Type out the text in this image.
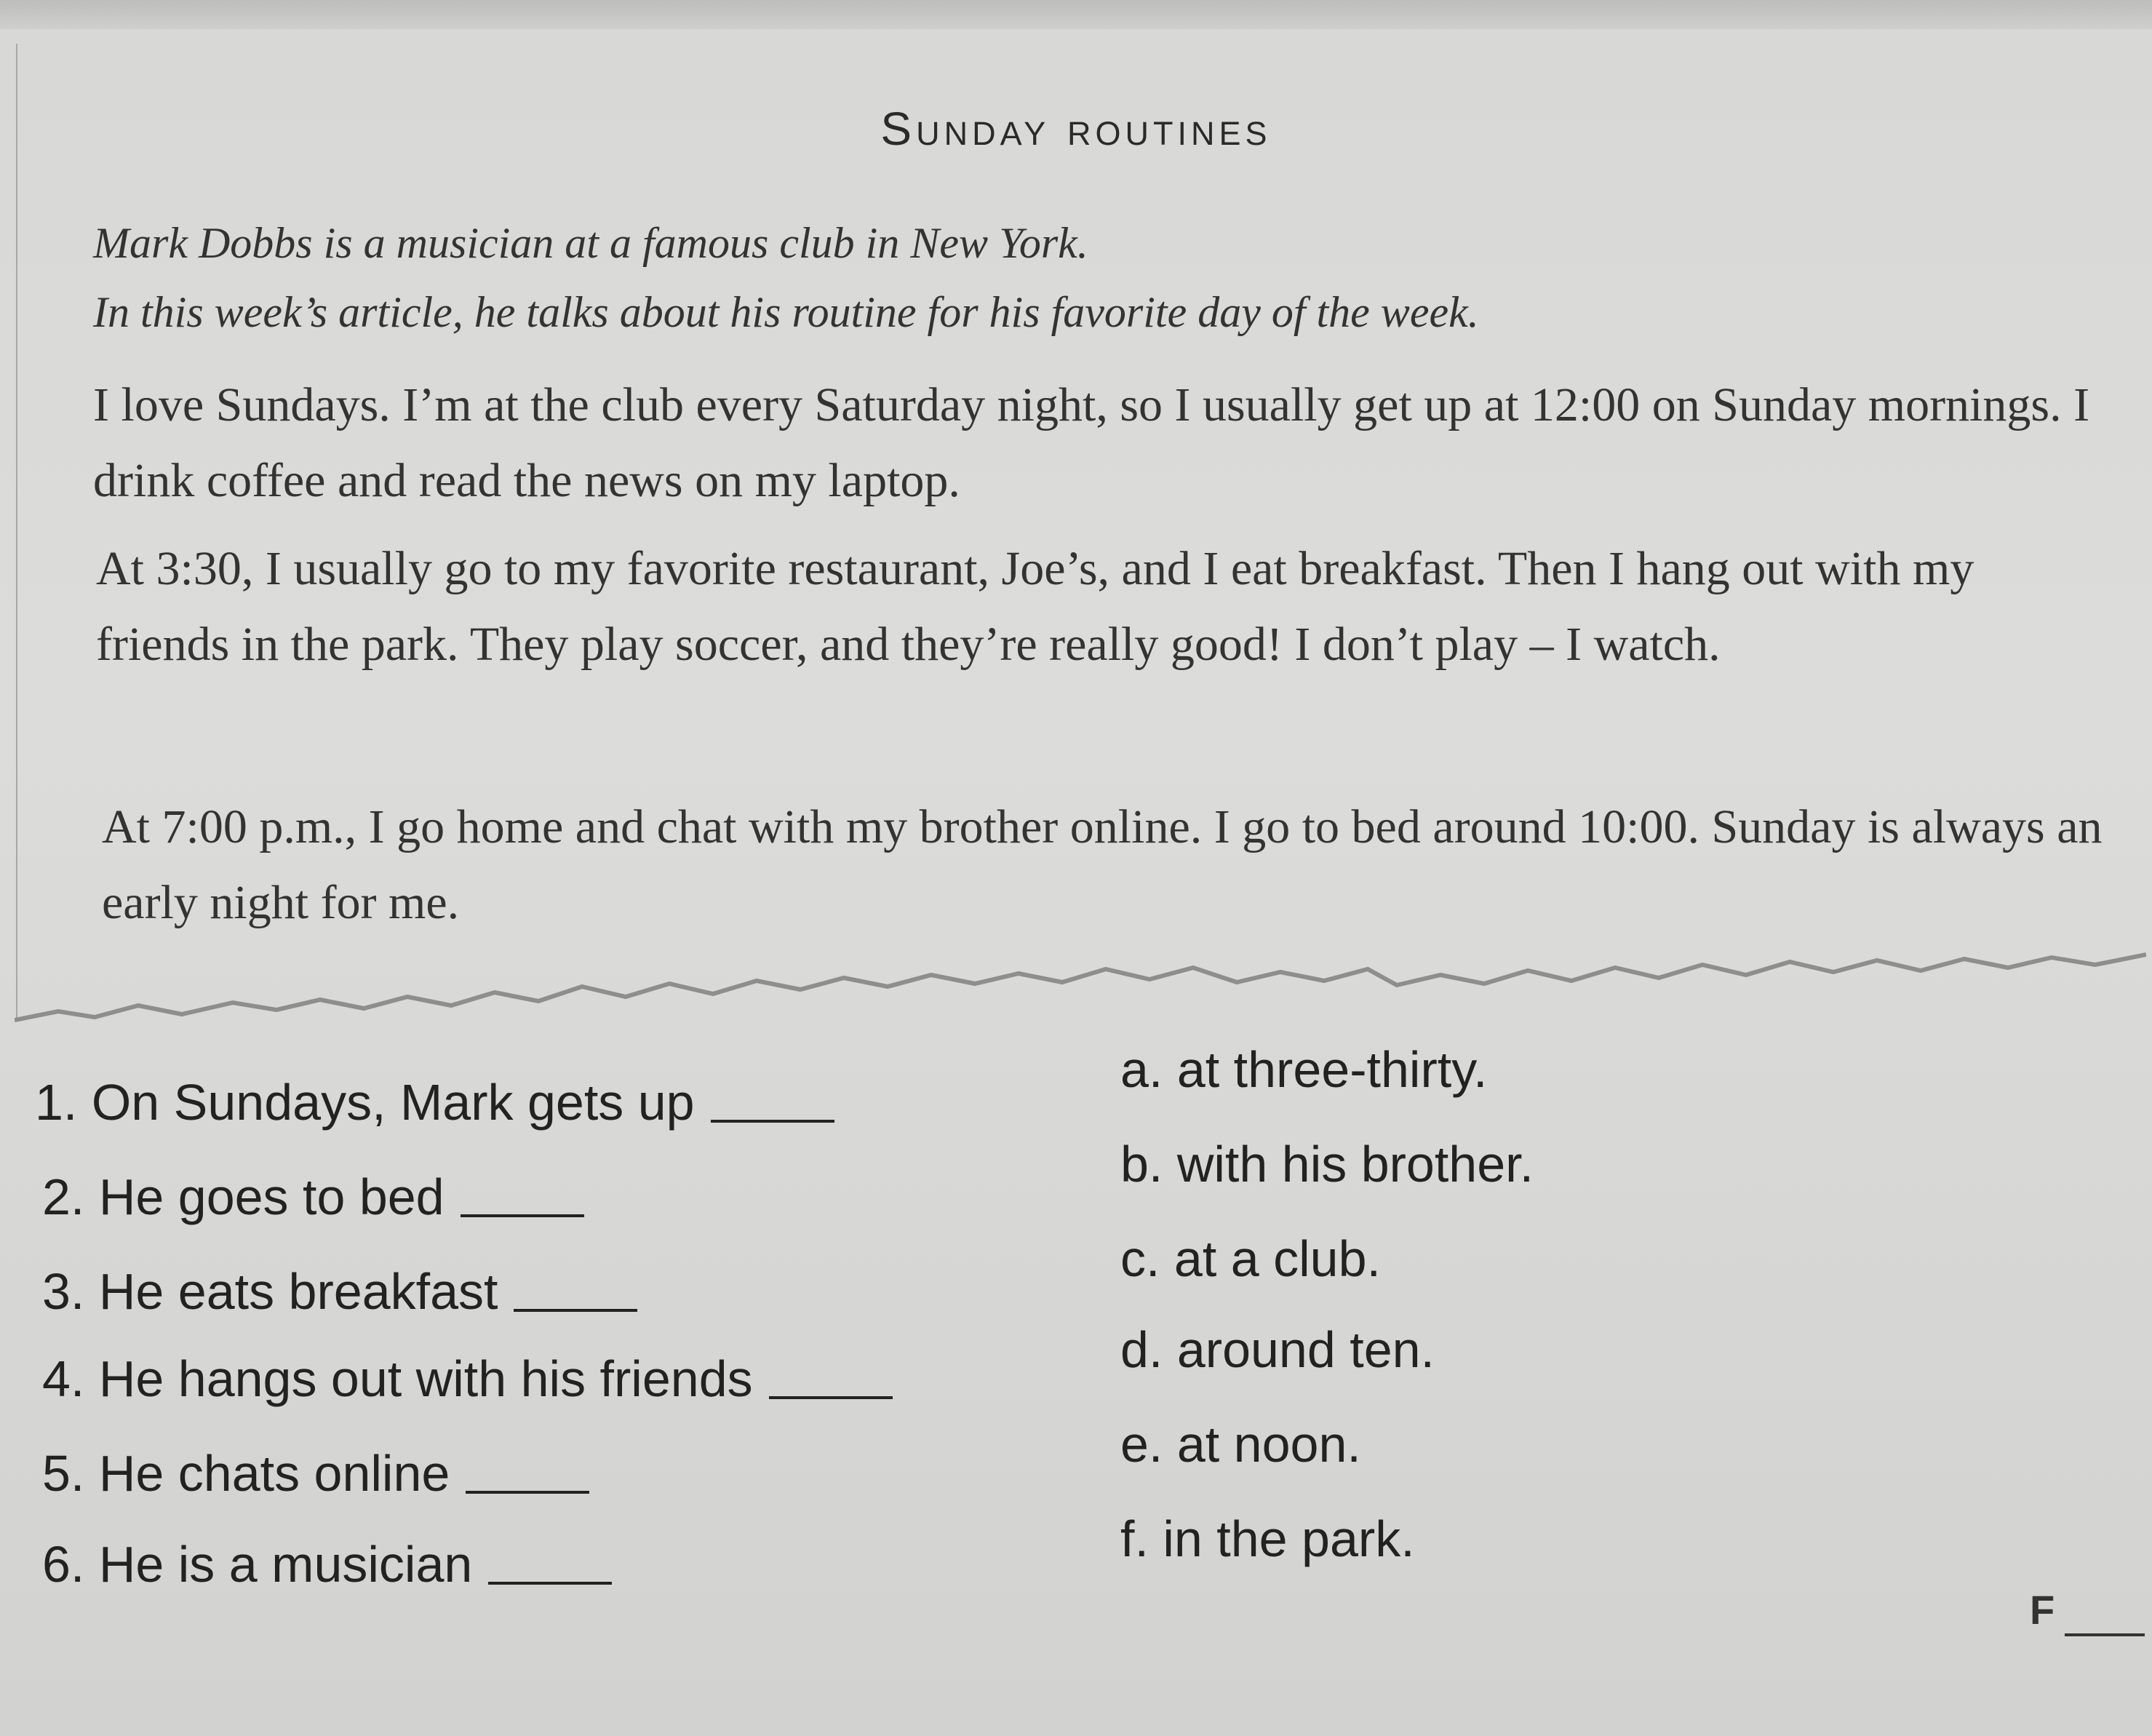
Sunday routines
Mark Dobbs is a musician at a famous club in New York.
In this week’s article, he talks about his routine for his favorite day of the week.
I love Sundays. I’m at the club every Saturday night, so I usually get up at 12:00 on Sunday mornings. I drink coffee and read the news on my laptop.
At 3:30, I usually go to my favorite restaurant, Joe’s, and I eat breakfast. Then I hang out with my friends in the park. They play soccer, and they’re really good! I don’t play – I watch.
At 7:00 p.m., I go home and chat with my brother online. I go to bed around 10:00. Sunday is always an early night for me.
1. On Sundays, Mark gets up
2. He goes to bed
3. He eats breakfast
4. He hangs out with his friends
5. He chats online
6. He is a musician
a. at three-thirty.
b. with his brother.
c. at a club.
d. around ten.
e. at noon.
f. in the park.
F
